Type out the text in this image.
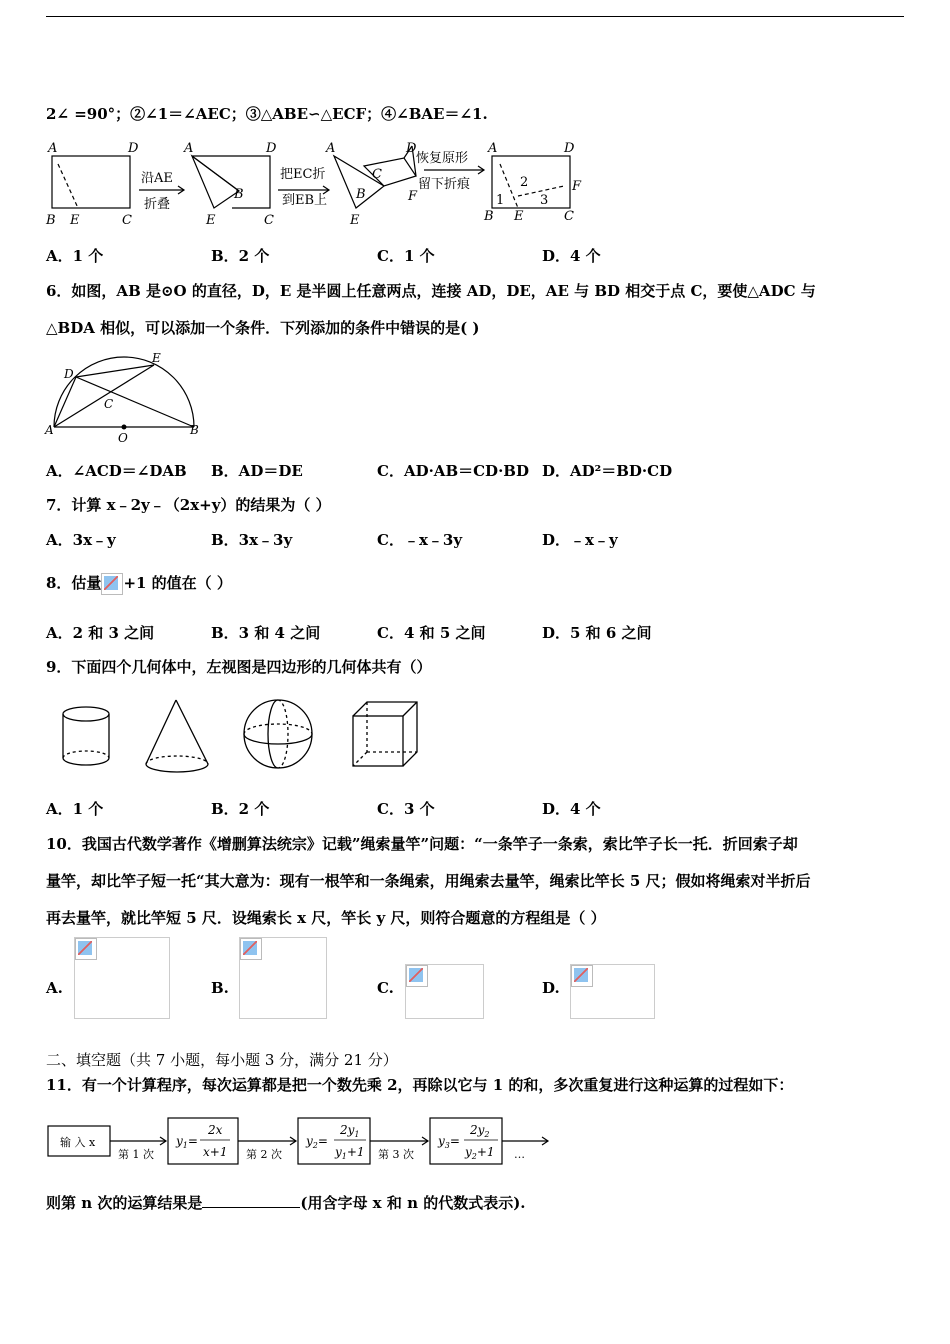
2∠ =90°；②∠1＝∠AEC；③△ABE∽△ECF；④∠BAE＝∠1.
A	D
B E	C
A	D
E	C
B
A
E
B
C
D
F
A	D
B E	C
F
1
2
3
沿AE
折叠
把EC折
到EB上
恢复原形
留下折痕
A．1 个	B．2 个	C．1 个	D．4 个
6．如图，AB 是⊙O 的直径，D，E 是半圆上任意两点，连接 AD，DE，AE 与 BD 相交于点 C，要使△ADC 与
△BDA 相似，可以添加一个条件．下列添加的条件中错误的是( )
A	B
D
E
C
O
A．∠ACD＝∠DAB B．AD＝DE	C．AD·AB＝CD·BD D．AD²＝BD·CD
7．计算 x﹣2y﹣（2x+y）的结果为（ ）
A．3x﹣y	B．3x﹣3y	C．﹣x﹣3y	D．﹣x﹣y
8．估量 +1 的值在（ ）
A．2 和 3 之间	B．3 和 4 之间	C．4 和 5 之间	D．5 和 6 之间
9．下面四个几何体中，左视图是四边形的几何体共有（）
A．1 个	B．2 个	C．3 个	D．4 个
10．我国古代数学著作《增删算法统宗》记载”绳索量竿”问题：“一条竿子一条索，索比竿子长一托．折回索子却
量竿，却比竿子短一托“其大意为：现有一根竿和一条绳索，用绳索去量竿，绳索比竿长 5 尺；假如将绳索对半折后
再去量竿，就比竿短 5 尺．设绳索长 x 尺，竿长 y 尺，则符合题意的方程组是（ ）
A.	B.	C.	D.
二、填空题（共 7 小题，每小题 3 分，满分 21 分）
11．有一个计算程序，每次运算都是把一个数先乘 2，再除以它与 1 的和，多次重复进行这种运算的过程如下：
输 入 x
第 1 次	第 2 次	第 3 次	…
$y_1=$
2x
x+1
$y_2=$
$2y_1$
$y_1+1$
$y_3=$
$2y_2$
$y_2+1$
则第 n 次的运算结果是	(用含字母 x 和 n 的代数式表示).
